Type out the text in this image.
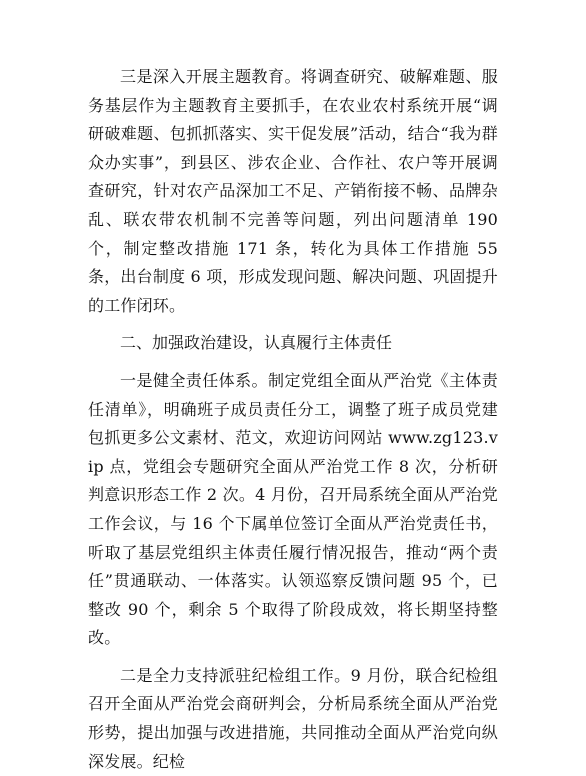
三是深入开展主题教育。将调查研究、破解难题、服务基层作为主题教育主要抓手，在农业农村系统开展“调研破难题、包抓抓落实、实干促发展”活动，结合“我为群众办实事”，到县区、涉农企业、合作社、农户等开展调查研究，针对农产品深加工不足、产销衔接不畅、品牌杂乱、联农带农机制不完善等问题，列出问题清单 190 个，制定整改措施 171 条，转化为具体工作措施 55 条，出台制度 6 项，形成发现问题、解决问题、巩固提升的工作闭环。

二、加强政治建设，认真履行主体责任

一是健全责任体系。制定党组全面从严治党《主体责任清单》，明确班子成员责任分工，调整了班子成员党建包抓更多公文素材、范文，欢迎访问网站 www.zg123.vip 点，党组会专题研究全面从严治党工作 8 次，分析研判意识形态工作 2 次。4 月份，召开局系统全面从严治党工作会议，与 16 个下属单位签订全面从严治党责任书，听取了基层党组织主体责任履行情况报告，推动“两个责任”贯通联动、一体落实。认领巡察反馈问题 95 个，已整改 90 个，剩余 5 个取得了阶段成效，将长期坚持整改。

二是全力支持派驻纪检组工作。9 月份，联合纪检组召开全面从严治党会商研判会，分析局系统全面从严治党形势，提出加强与改进措施，共同推动全面从严治党向纵深发展。纪检
